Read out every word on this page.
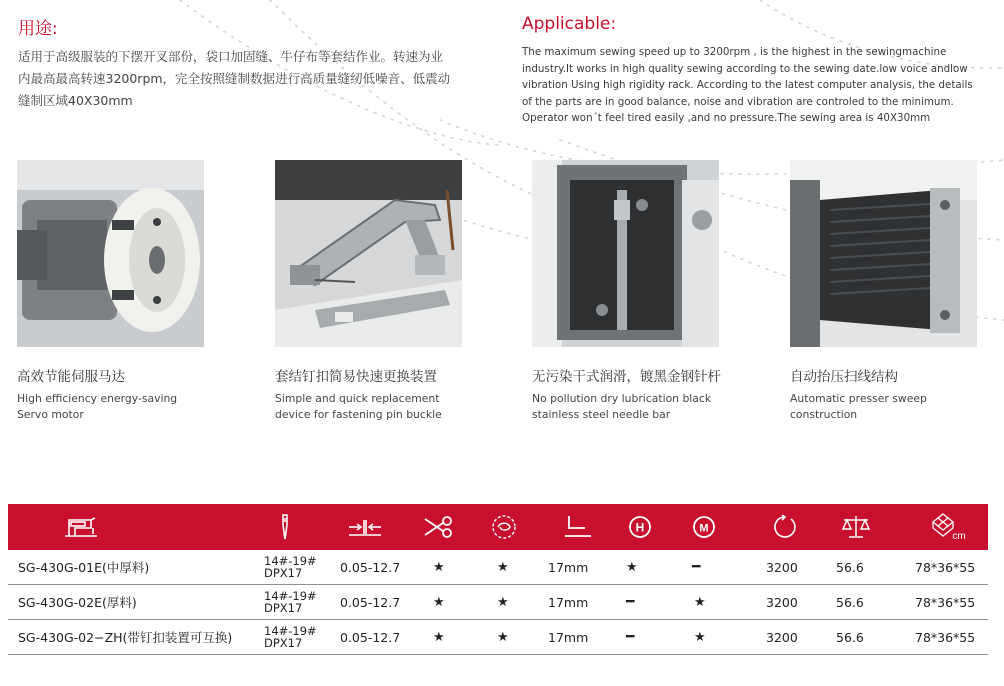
用途:

适用于高级服装的下摆开叉部份，袋口加固缝、牛仔布等套结作业。转速为业
内最高最高转速3200rpm，完全按照缝制数据进行高质量缝纫低噪音、低震动
缝制区域40X30mm

Applicable:

The maximum sewing speed up to 3200rpm , is the highest in the sewingmachine
industry.It works in high quality sewing according to the sewing date.low voice andlow
vibration Using high rigidity rack. According to the latest computer analysis, the details
of the parts are in good balance, noise and vibration are controled to the minimum.
Operator won´t feel tired easily ,and no pressure.The sewing area is 40X30mm

高效节能伺服马达
High efficiency energy-saving
Servo motor
套结钉扣简易快速更换装置
Simple and quick replacement
device for fastening pin buckle
无污染干式润滑，镀黑金钢针杆
No pollution dry lubrication black
stainless steel needle bar
自动抬压扫线结构
Automatic presser sweep
construction
H	M
cm
SG-430G-01E(中厚料)	14#-19#
DPX17	0.05-12.7	★	★	17mm	★	━	3200	56.6	78*36*55
SG-430G-02E(厚料)	14#-19#
DPX17	0.05-12.7	★	★	17mm	━	★	3200	56.6	78*36*55
SG-430G-02−ZH(带钉扣装置可互换)	14#-19#
DPX17	0.05-12.7	★	★	17mm	━	★	3200	56.6	78*36*55
